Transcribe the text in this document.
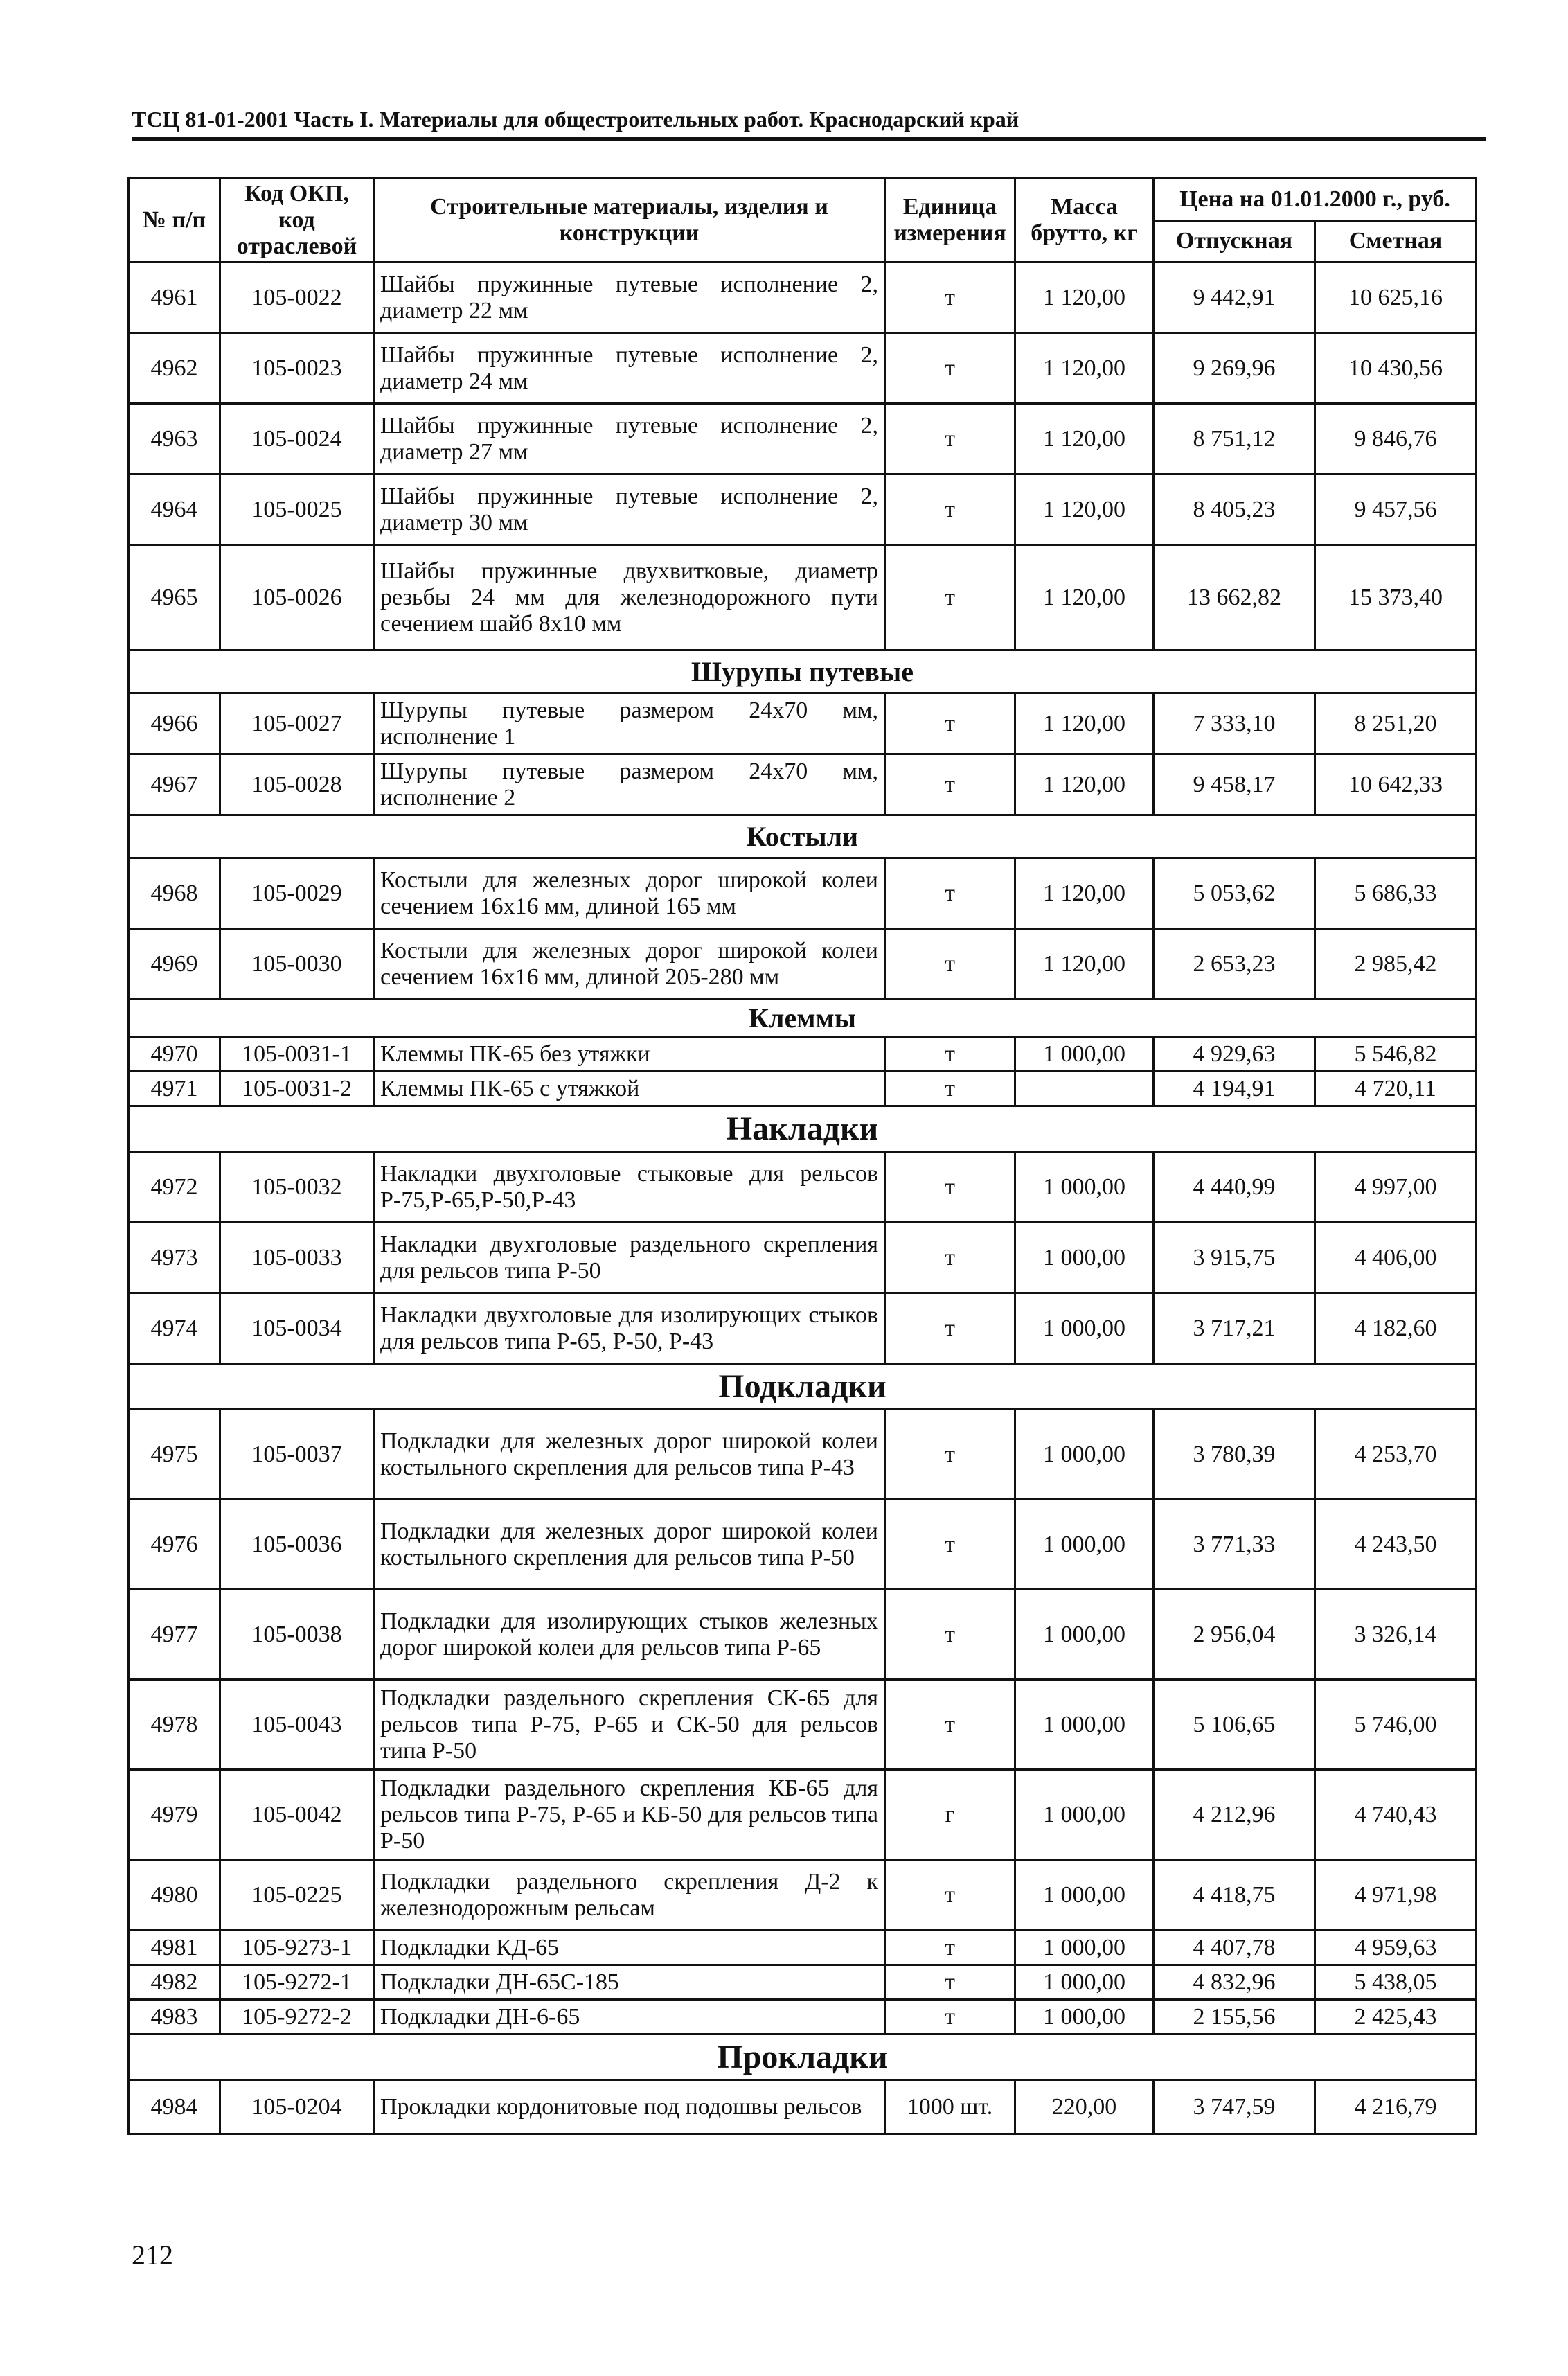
ТСЦ 81-01-2001 Часть I. Материалы для общестроительных работ. Краснодарский край
№ п/п	Код ОКП, код отраслевой	Строительные материалы, изделия и конструкции	Единица измерения	Масса брутто, кг	Цена на 01.01.2000 г., руб.	
					Отпускная	Сметная
4961	105-0022	Шайбы пружинные путевые исполнение 2, диаметр 22 мм	т	1 120,00	9 442,91	10 625,16
4962	105-0023	Шайбы пружинные путевые исполнение 2, диаметр 24 мм	т	1 120,00	9 269,96	10 430,56
4963	105-0024	Шайбы пружинные путевые исполнение 2, диаметр 27 мм	т	1 120,00	8 751,12	9 846,76
4964	105-0025	Шайбы пружинные путевые исполнение 2, диаметр 30 мм	т	1 120,00	8 405,23	9 457,56
4965	105-0026	Шайбы пружинные двухвитковые, диаметр резьбы 24 мм для железнодорожного пути сечением шайб 8х10 мм	т	1 120,00	13 662,82	15 373,40
Шурупы путевые						
4966	105-0027	Шурупы путевые размером 24х70 мм, исполнение 1	т	1 120,00	7 333,10	8 251,20
4967	105-0028	Шурупы путевые размером 24х70 мм, исполнение 2	т	1 120,00	9 458,17	10 642,33
Костыли						
4968	105-0029	Костыли для железных дорог широкой колеи сечением 16х16 мм, длиной 165 мм	т	1 120,00	5 053,62	5 686,33
4969	105-0030	Костыли для железных дорог широкой колеи сечением 16х16 мм, длиной 205-280 мм	т	1 120,00	2 653,23	2 985,42
Клеммы						
4970	105-0031-1	Клеммы ПК-65 без утяжки	т	1 000,00	4 929,63	5 546,82
4971	105-0031-2	Клеммы ПК-65 с утяжкой	т		4 194,91	4 720,11
Накладки						
4972	105-0032	Накладки двухголовые стыковые для рельсов Р-75,Р-65,Р-50,Р-43	т	1 000,00	4 440,99	4 997,00
4973	105-0033	Накладки двухголовые раздельного скрепления для рельсов типа Р-50	т	1 000,00	3 915,75	4 406,00
4974	105-0034	Накладки двухголовые для изолирующих стыков для рельсов типа Р-65, Р-50, Р-43	т	1 000,00	3 717,21	4 182,60
Подкладки						
4975	105-0037	Подкладки для железных дорог широкой колеи костыльного скрепления для рельсов типа Р-43	т	1 000,00	3 780,39	4 253,70
4976	105-0036	Подкладки для железных дорог широкой колеи костыльного скрепления для рельсов типа Р-50	т	1 000,00	3 771,33	4 243,50
4977	105-0038	Подкладки для изолирующих стыков железных дорог широкой колеи для рельсов типа Р-65	т	1 000,00	2 956,04	3 326,14
4978	105-0043	Подкладки раздельного скрепления СК-65 для рельсов типа Р-75, Р-65 и СК-50 для рельсов типа Р-50	т	1 000,00	5 106,65	5 746,00
4979	105-0042	Подкладки раздельного скрепления КБ-65 для рельсов типа Р-75, Р-65 и КБ-50 для рельсов типа Р-50	г	1 000,00	4 212,96	4 740,43
4980	105-0225	Подкладки раздельного скрепления Д-2 к железнодорожным рельсам	т	1 000,00	4 418,75	4 971,98
4981	105-9273-1	Подкладки КД-65	т	1 000,00	4 407,78	4 959,63
4982	105-9272-1	Подкладки ДН-65С-185	т	1 000,00	4 832,96	5 438,05
4983	105-9272-2	Подкладки ДН-6-65	т	1 000,00	2 155,56	2 425,43
Прокладки						
4984	105-0204	Прокладки кордонитовые под подошвы рельсов	1000 шт.	220,00	3 747,59	4 216,79
212
